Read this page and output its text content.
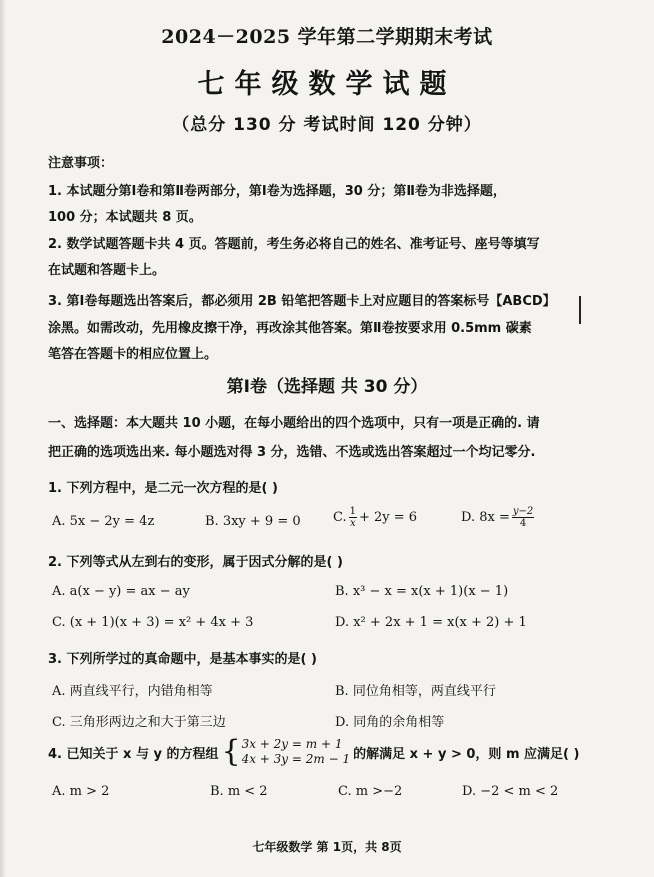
2024－2025 学年第二学期期末考试
七年级数学试题
（总分 130 分 考试时间 120 分钟）
注意事项：
1. 本试题分第Ⅰ卷和第Ⅱ卷两部分，第Ⅰ卷为选择题，30 分；第Ⅱ卷为非选择题，
100 分；本试题共 8 页。
2. 数学试题答题卡共 4 页。答题前，考生务必将自己的姓名、准考证号、座号等填写
在试题和答题卡上。
3. 第Ⅰ卷每题选出答案后，都必须用 2B 铅笔把答题卡上对应题目的答案标号【ABCD】
涂黑。如需改动，先用橡皮擦干净，再改涂其他答案。第Ⅱ卷按要求用 0.5mm 碳素
笔答在答题卡的相应位置上。
第Ⅰ卷（选择题 共 30 分）
一、选择题：本大题共 10 小题，在每小题给出的四个选项中，只有一项是正确的. 请
把正确的选项选出来. 每小题选对得 3 分，选错、不选或选出答案超过一个均记零分.
1. 下列方程中，是二元一次方程的是( )
A. 5x − 2y = 4z	B. 3xy + 9 = 0 C. $\frac{1}{x} + 2y = 6$	D. $8x = \frac{y-2}{4}$
2. 下列等式从左到右的变形，属于因式分解的是( )
A. a(x − y) = ax − ay	B. x³ − x = x(x + 1)(x − 1)
C. (x + 1)(x + 3) = x² + 4x + 3	D. x² + 2x + 1 = x(x + 2) + 1
3. 下列所学过的真命题中，是基本事实的是( )
A. 两直线平行，内错角相等	B. 同位角相等，两直线平行
C. 三角形两边之和大于第三边	D. 同角的余角相等
4. 已知关于 x 与 y 的方程组 { 3x + 2y = m + 1
4x + 3y = 2m − 1 的解满足 x + y > 0，则 m 应满足( )
A. m > 2	B. m < 2	C. m >−2	D. −2 < m < 2
七年级数学 第 1页，共 8页
